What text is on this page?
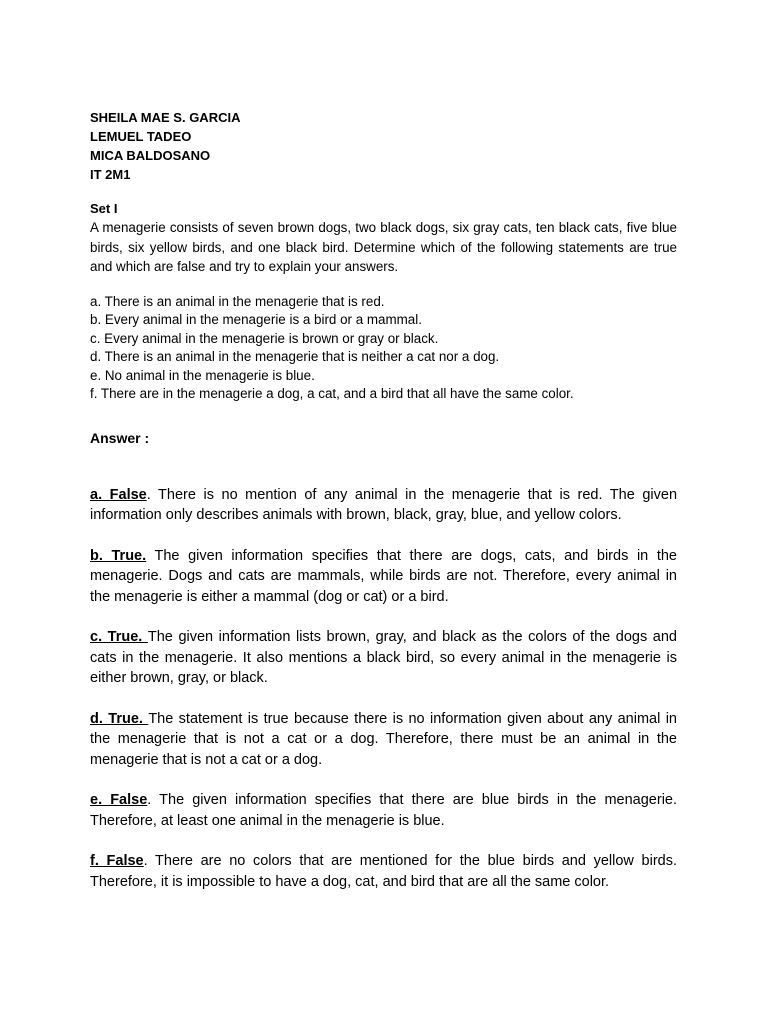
SHEILA MAE S. GARCIA
LEMUEL TADEO
MICA BALDOSANO
IT 2M1
Set I
A menagerie consists of seven brown dogs, two black dogs, six gray cats, ten black cats, five blue birds, six yellow birds, and one black bird. Determine which of the following statements are true and which are false and try to explain your answers.
a. There is an animal in the menagerie that is red.
b. Every animal in the menagerie is a bird or a mammal.
c. Every animal in the menagerie is brown or gray or black.
d. There is an animal in the menagerie that is neither a cat nor a dog.
e. No animal in the menagerie is blue.
f. There are in the menagerie a dog, a cat, and a bird that all have the same color.
Answer :
a. False. There is no mention of any animal in the menagerie that is red. The given information only describes animals with brown, black, gray, blue, and yellow colors.
b. True. The given information specifies that there are dogs, cats, and birds in the menagerie. Dogs and cats are mammals, while birds are not. Therefore, every animal in the menagerie is either a mammal (dog or cat) or a bird.
c. True. The given information lists brown, gray, and black as the colors of the dogs and cats in the menagerie. It also mentions a black bird, so every animal in the menagerie is either brown, gray, or black.
d. True. The statement is true because there is no information given about any animal in the menagerie that is not a cat or a dog. Therefore, there must be an animal in the menagerie that is not a cat or a dog.
e. False. The given information specifies that there are blue birds in the menagerie. Therefore, at least one animal in the menagerie is blue.
f. False. There are no colors that are mentioned for the blue birds and yellow birds. Therefore, it is impossible to have a dog, cat, and bird that are all the same color.
